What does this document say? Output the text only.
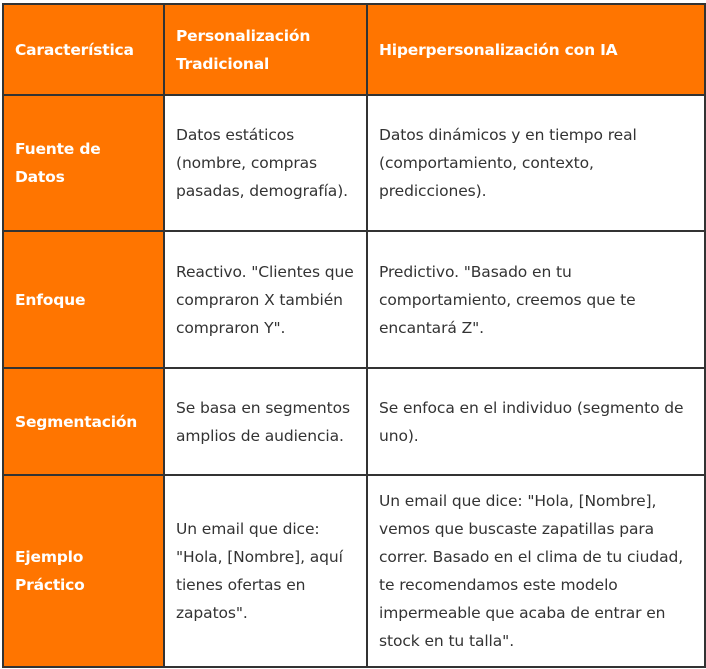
Característica	Personalización Tradicional	Hiperpersonalización con IA
Fuente de Datos	Datos estáticos (nombre, compras pasadas, demografía).	Datos dinámicos y en tiempo real (comportamiento, contexto, predicciones).
Enfoque	Reactivo. "Clientes que compraron X también compraron Y".	Predictivo. "Basado en tu comportamiento, creemos que te encantará Z".
Segmentación	Se basa en segmentos amplios de audiencia.	Se enfoca en el individuo (segmento de uno).
Ejemplo Práctico	Un email que dice: "Hola, [Nombre], aquí tienes ofertas en zapatos".	Un email que dice: "Hola, [Nombre], vemos que buscaste zapatillas para correr. Basado en el clima de tu ciudad, te recomendamos este modelo impermeable que acaba de entrar en stock en tu talla".
